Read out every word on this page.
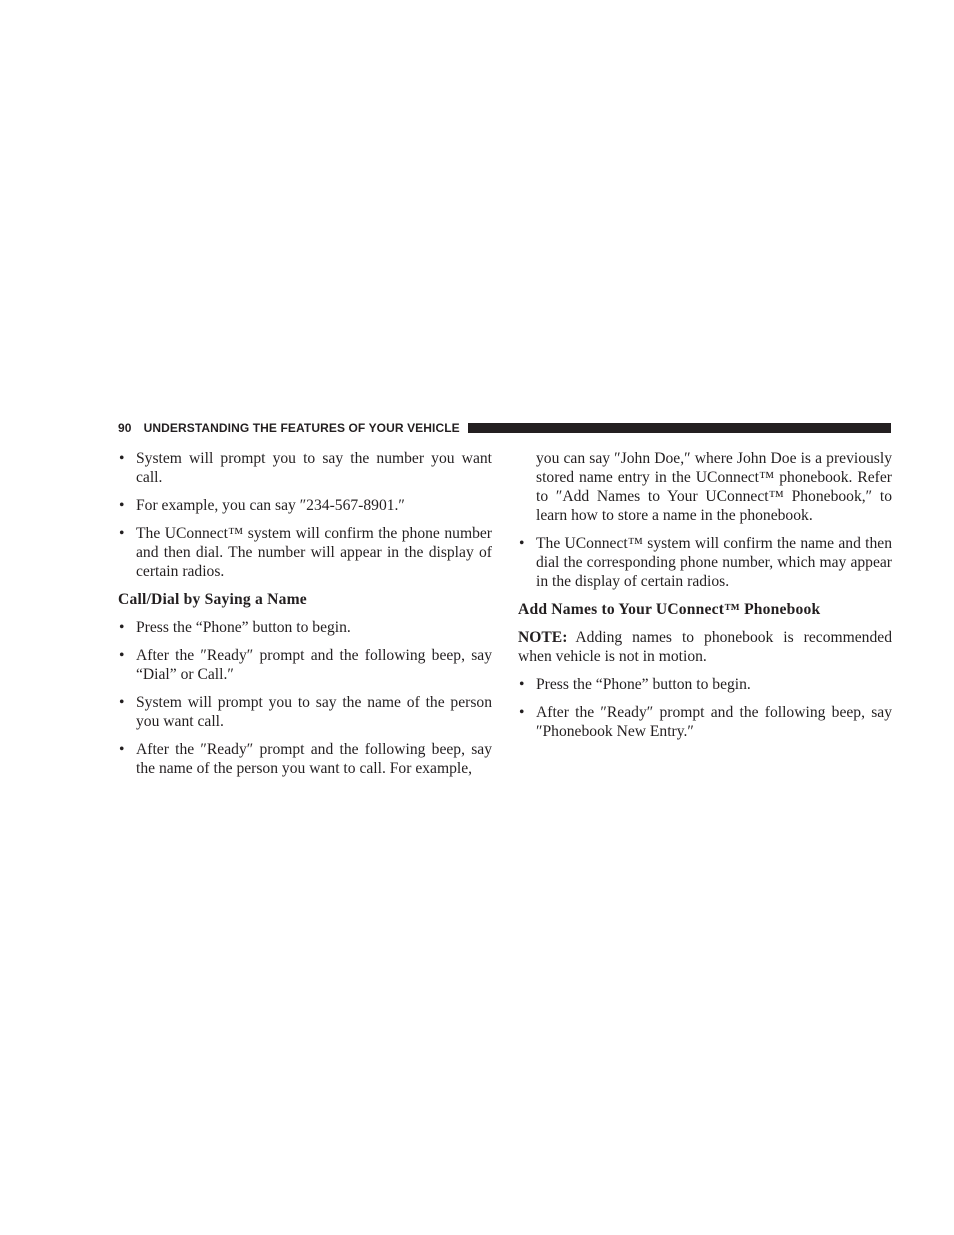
90 UNDERSTANDING THE FEATURES OF YOUR VEHICLE
• System will prompt you to say the number you want call.
• For example, you can say ″234-567-8901.″
• The UConnect™ system will confirm the phone number and then dial. The number will appear in the display of certain radios.
Call/Dial by Saying a Name
• Press the “Phone” button to begin.
• After the ″Ready″ prompt and the following beep, say “Dial” or Call.″
• System will prompt you to say the name of the person you want call.
• After the ″Ready″ prompt and the following beep, say the name of the person you want to call. For example,
you can say ″John Doe,″ where John Doe is a previously stored name entry in the UConnect™ phonebook. Refer to ″Add Names to Your UConnect™ Phonebook,″ to learn how to store a name in the phonebook.
• The UConnect™ system will confirm the name and then dial the corresponding phone number, which may appear in the display of certain radios.
Add Names to Your UConnect™ Phonebook
NOTE: Adding names to phonebook is recommended when vehicle is not in motion.
• Press the “Phone” button to begin.
• After the ″Ready″ prompt and the following beep, say ″Phonebook New Entry.″
